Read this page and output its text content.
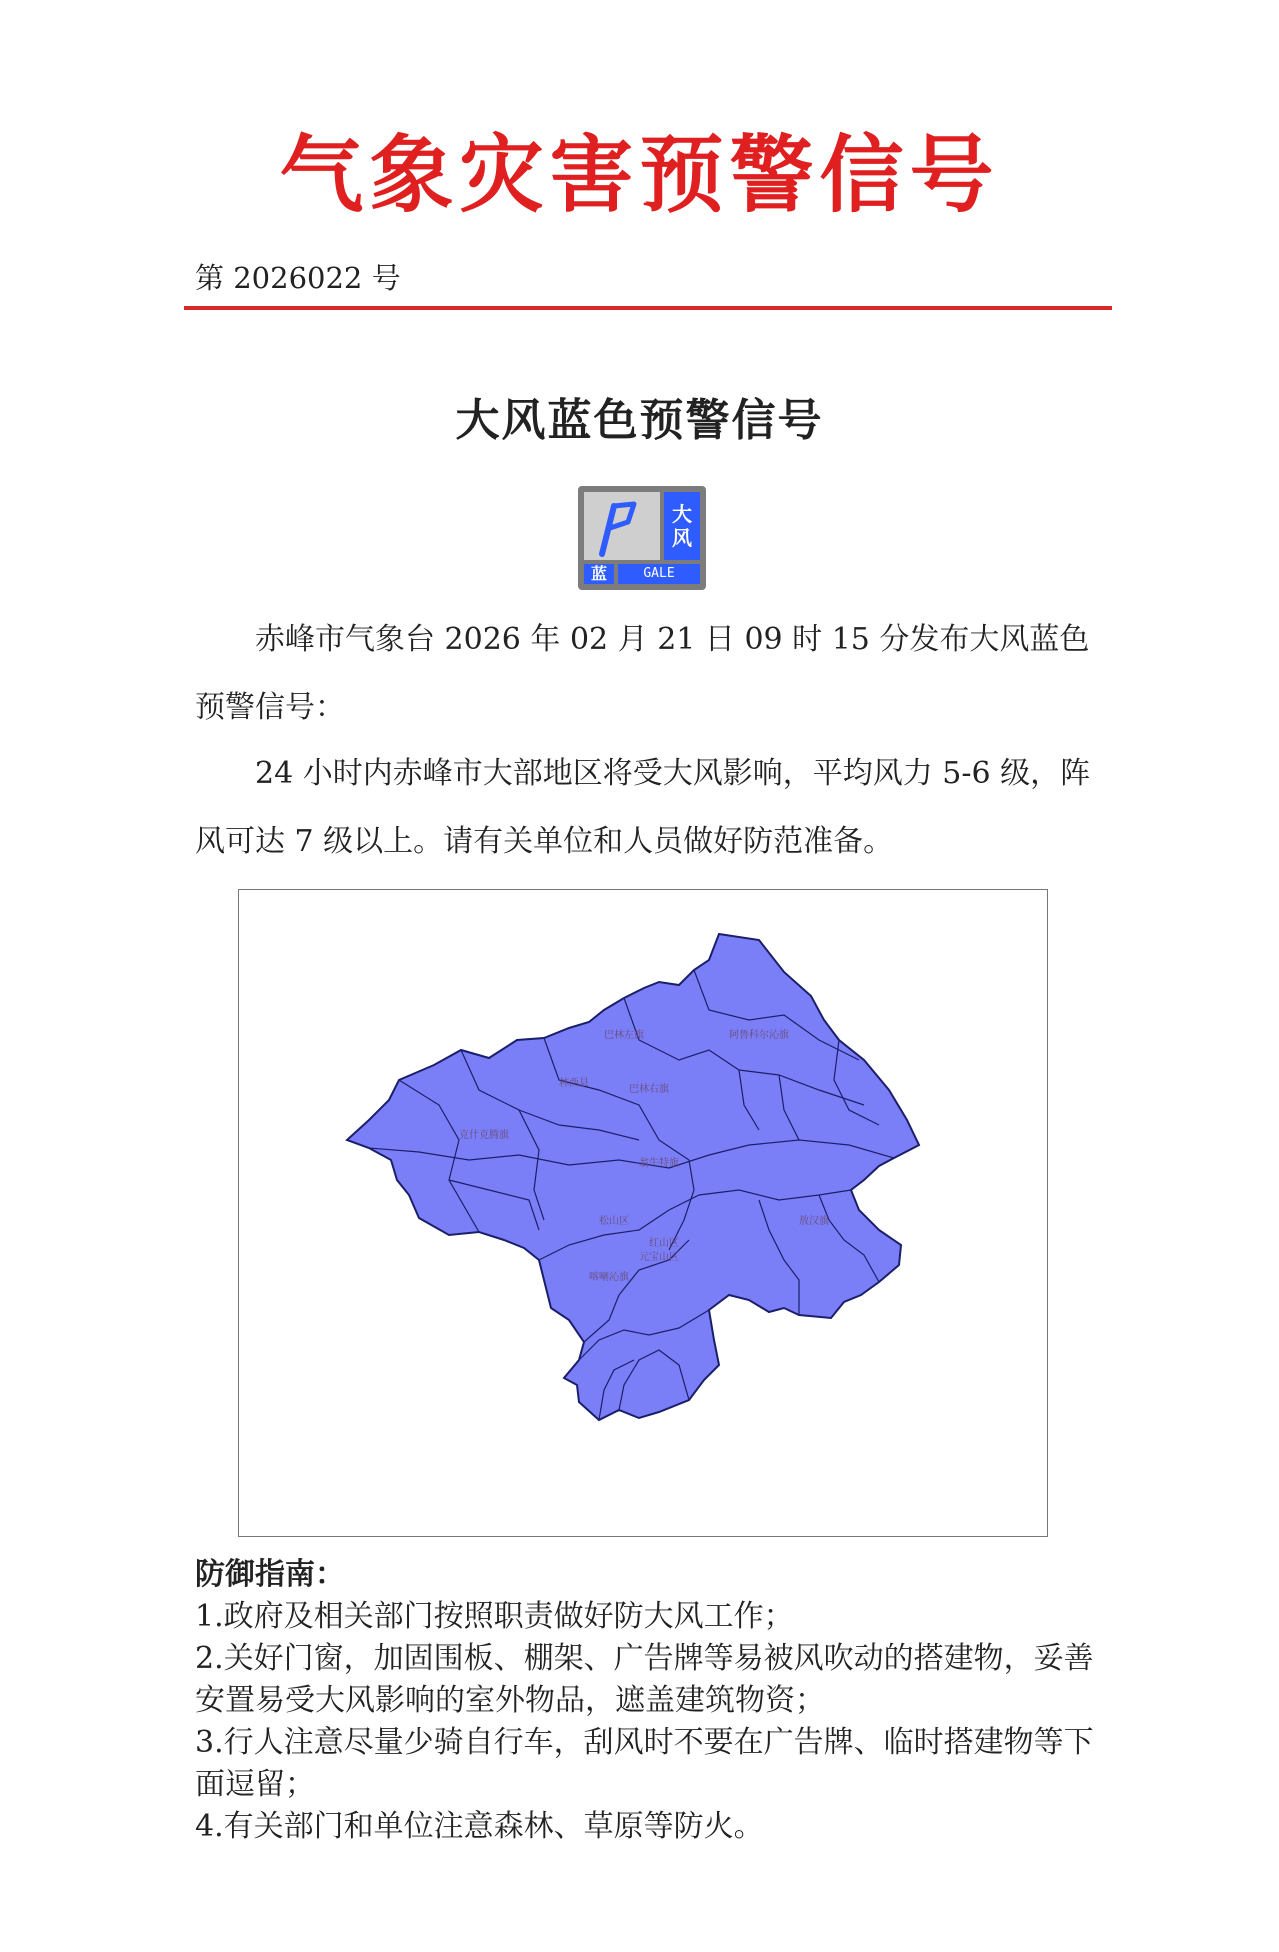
气象灾害预警信号
第 2026022 号
大风蓝色预警信号
大
风
蓝	GALE
赤峰市气象台 2026 年 02 月 21 日 09 时 15 分发布大风蓝色预警信号：
24 小时内赤峰市大部地区将受大风影响，平均风力 5-6 级，阵风可达 7 级以上。请有关单位和人员做好防范准备。
巴林左旗	阿鲁科尔沁旗
林西县
巴林右旗
克什克腾旗
翁牛特旗
松山区
红山区
元宝山区
敖汉旗
喀喇沁旗
防御指南：
1.政府及相关部门按照职责做好防大风工作；
2.关好门窗，加固围板、棚架、广告牌等易被风吹动的搭建物，妥善安置易受大风影响的室外物品，遮盖建筑物资；
3.行人注意尽量少骑自行车，刮风时不要在广告牌、临时搭建物等下面逗留；
4.有关部门和单位注意森林、草原等防火。
